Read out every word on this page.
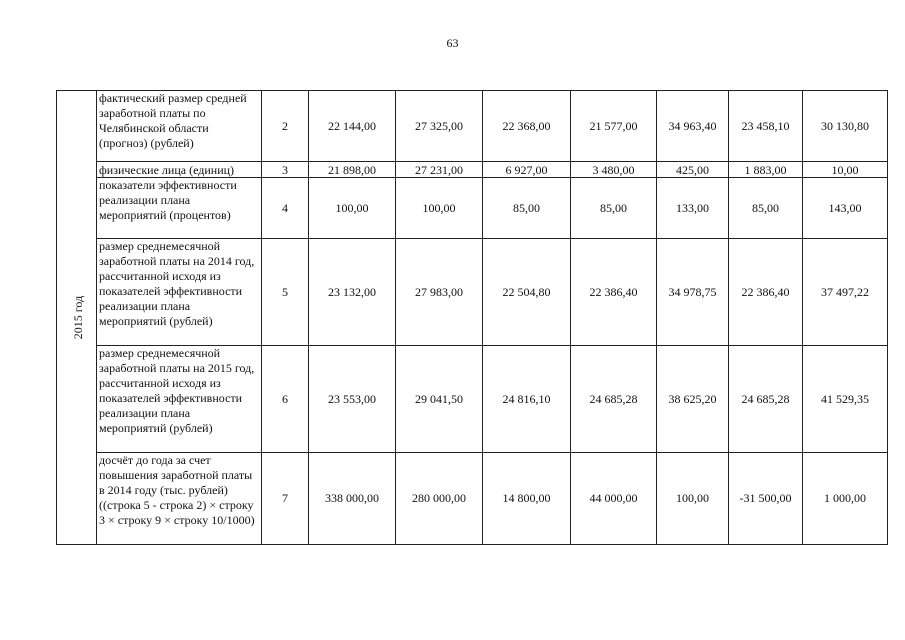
63
2015 год	фактический размер средней заработной платы по Челябинской области (прогноз) (рублей)	2	22 144,00	27 325,00	22 368,00	21 577,00	34 963,40	23 458,10	30 130,80
	физические лица (единиц)	3	21 898,00	27 231,00	6 927,00	3 480,00	425,00	1 883,00	10,00
	показатели эффективности реализации плана мероприятий (процентов)	4	100,00	100,00	85,00	85,00	133,00	85,00	143,00
	размер среднемесячной заработной платы на 2014 год, рассчитанной исходя из показателей эффективности реализации плана мероприятий (рублей)	5	23 132,00	27 983,00	22 504,80	22 386,40	34 978,75	22 386,40	37 497,22
	размер среднемесячной заработной платы на 2015 год, рассчитанной исходя из показателей эффективности реализации плана мероприятий (рублей)	6	23 553,00	29 041,50	24 816,10	24 685,28	38 625,20	24 685,28	41 529,35
	досчёт до года за счет повышения заработной платы в 2014 году (тыс. рублей) ((строка 5 - строка 2) × строку 3 × строку 9 × строку 10/1000)	7	338 000,00	280 000,00	14 800,00	44 000,00	100,00	-31 500,00	1 000,00
